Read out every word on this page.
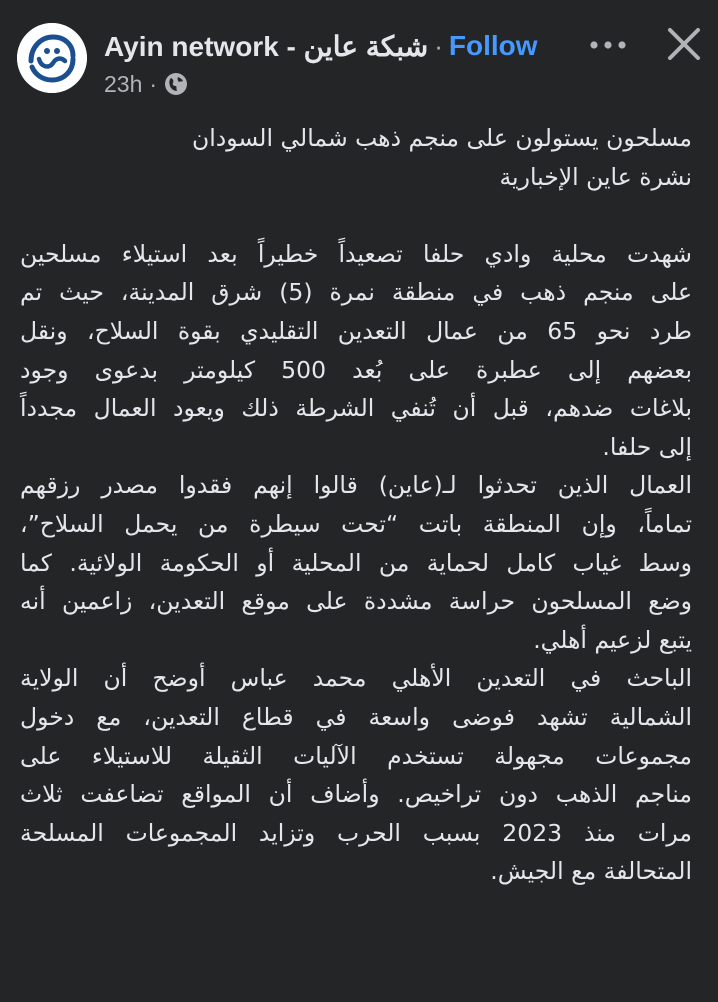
شبكة عاين - Ayin network · Follow
23h ·
مسلحون يستولون على منجم ذهب شمالي السودان
نشرة عاين الإخبارية
شهدت محلية وادي حلفا تصعيداً خطيراً بعد استيلاء مسلحين
على منجم ذهب في منطقة نمرة (5) شرق المدينة، حيث تم
طرد نحو 65 من عمال التعدين التقليدي بقوة السلاح، ونقل
بعضهم إلى عطبرة على بُعد 500 كيلومتر بدعوى وجود
بلاغات ضدهم، قبل أن تُنفي الشرطة ذلك ويعود العمال مجدداً
إلى حلفا.
العمال الذين تحدثوا لـ(عاين) قالوا إنهم فقدوا مصدر رزقهم
تماماً، وإن المنطقة باتت “تحت سيطرة من يحمل السلاح”،
وسط غياب كامل لحماية من المحلية أو الحكومة الولائية. كما
وضع المسلحون حراسة مشددة على موقع التعدين، زاعمين أنه
يتبع لزعيم أهلي.
الباحث في التعدين الأهلي محمد عباس أوضح أن الولاية
الشمالية تشهد فوضى واسعة في قطاع التعدين، مع دخول
مجموعات مجهولة تستخدم الآليات الثقيلة للاستيلاء على
مناجم الذهب دون تراخيص. وأضاف أن المواقع تضاعفت ثلاث
مرات منذ 2023 بسبب الحرب وتزايد المجموعات المسلحة
المتحالفة مع الجيش.
